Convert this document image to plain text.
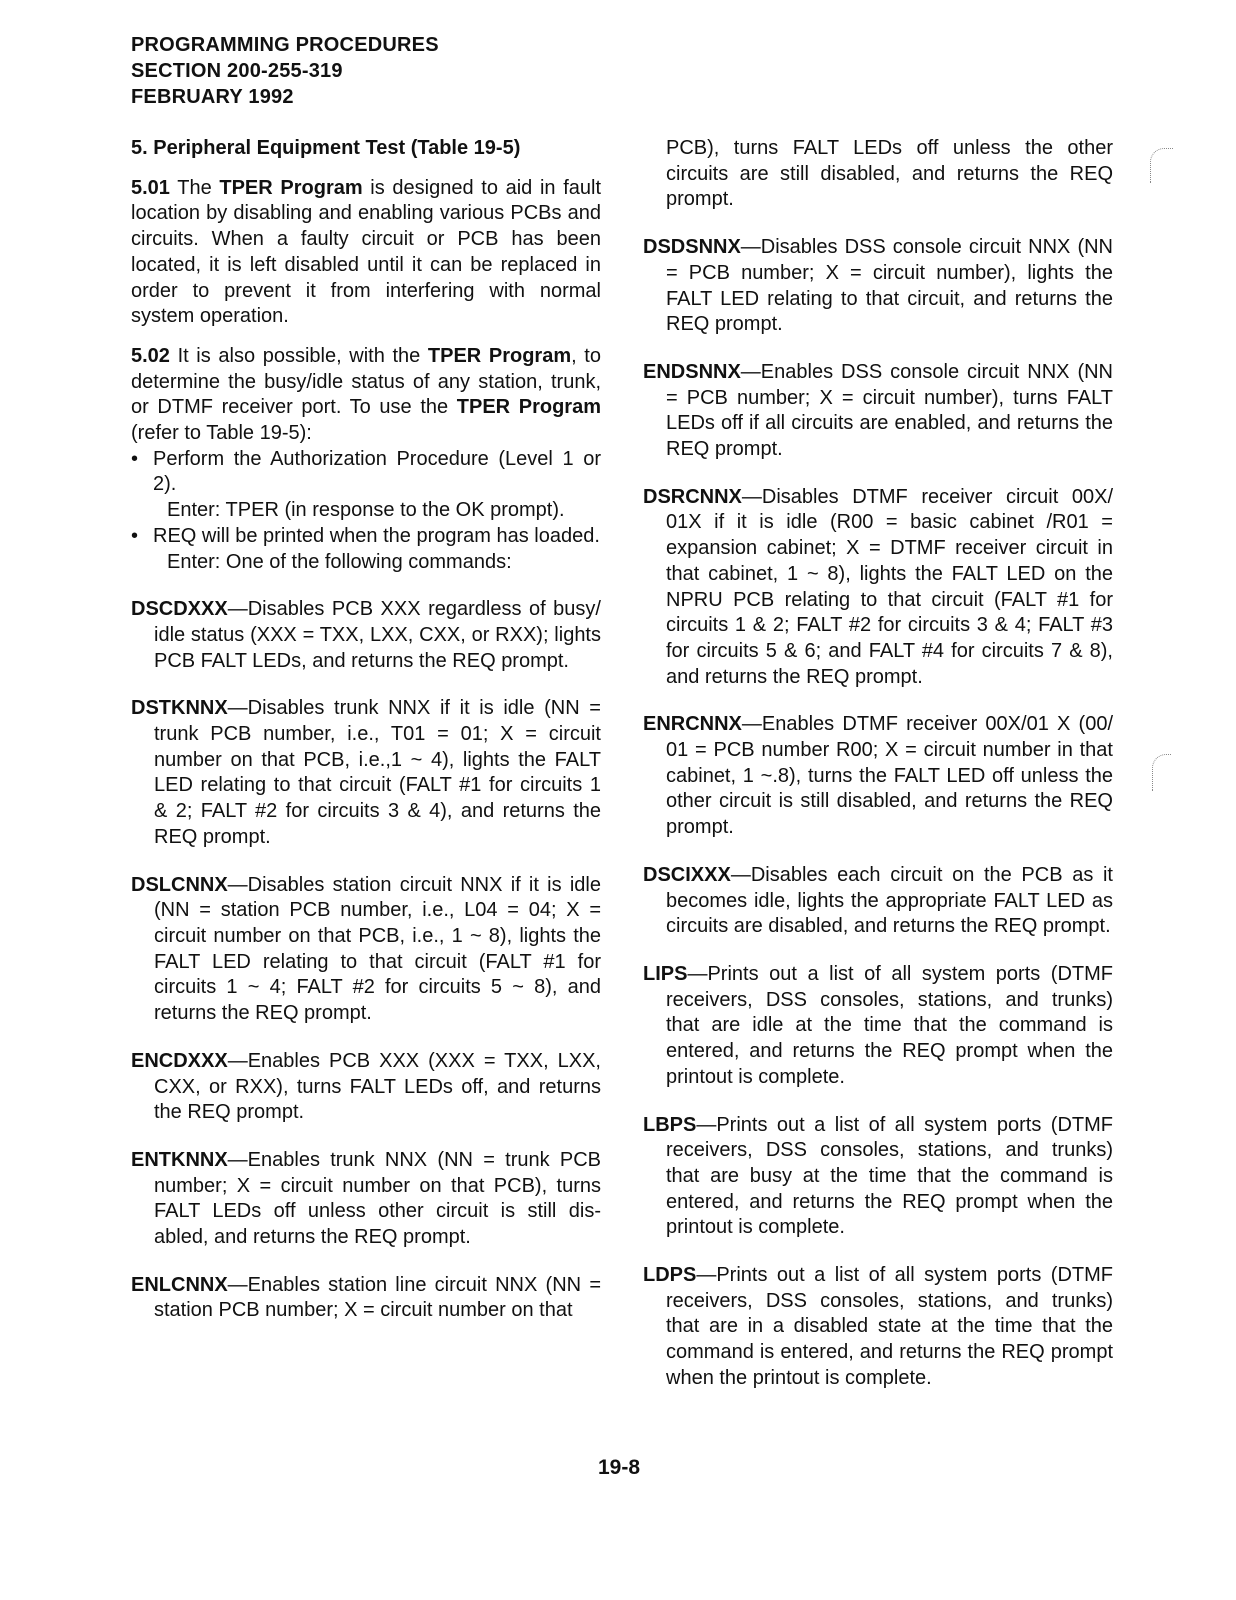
PROGRAMMING PROCEDURES
SECTION 200-255-319
FEBRUARY 1992
5. Peripheral Equipment Test (Table 19-5)

5.01 The TPER Program is designed to aid in fault location by disabling and enabling various PCBs and circuits. When a faulty circuit or PCB has been located, it is left disabled until it can be replaced in order to prevent it from interfering with normal system operation.

5.02 It is also possible, with the TPER Program, to determine the busy/idle status of any station, trunk, or DTMF receiver port. To use the TPER Program (refer to Table 19-5):

• Perform the Authorization Procedure (Level 1 or 2).
Enter: TPER (in response to the OK prompt).
• REQ will be printed when the program has loaded.
Enter: One of the following commands:
DSCDXXX—Disables PCB XXX regardless of busy/ idle status (XXX = TXX, LXX, CXX, or RXX); lights PCB FALT LEDs, and returns the REQ prompt.
DSTKNNX—Disables trunk NNX if it is idle (NN = trunk PCB number, i.e., T01 = 01; X = circuit number on that PCB, i.e.,1 ~ 4), lights the FALT LED relating to that circuit (FALT #1 for circuits 1 & 2; FALT #2 for circuits 3 & 4), and returns the REQ prompt.
DSLCNNX—Disables station circuit NNX if it is idle (NN = station PCB number, i.e., L04 = 04; X = circuit number on that PCB, i.e., 1 ~ 8), lights the FALT LED relating to that circuit (FALT #1 for circuits 1 ~ 4; FALT #2 for circuits 5 ~ 8), and returns the REQ prompt.
ENCDXXX—Enables PCB XXX (XXX = TXX, LXX, CXX, or RXX), turns FALT LEDs off, and returns the REQ prompt.
ENTKNNX—Enables trunk NNX (NN = trunk PCB number; X = circuit number on that PCB), turns FALT LEDs off unless other circuit is still dis- abled, and returns the REQ prompt.
ENLCNNX—Enables station line circuit NNX (NN = station PCB number; X = circuit number on that
PCB), turns FALT LEDs off unless the other circuits are still disabled, and returns the REQ prompt.
DSDSNNX—Disables DSS console circuit NNX (NN = PCB number; X = circuit number), lights the FALT LED relating to that circuit, and returns the REQ prompt.
ENDSNNX—Enables DSS console circuit NNX (NN = PCB number; X = circuit number), turns FALT LEDs off if all circuits are enabled, and returns the REQ prompt.
DSRCNNX—Disables DTMF receiver circuit 00X/ 01X if it is idle (R00 = basic cabinet /R01 = expansion cabinet; X = DTMF receiver circuit in that cabinet, 1 ~ 8), lights the FALT LED on the NPRU PCB relating to that circuit (FALT #1 for circuits 1 & 2; FALT #2 for circuits 3 & 4; FALT #3 for circuits 5 & 6; and FALT #4 for circuits 7 & 8), and returns the REQ prompt.
ENRCNNX—Enables DTMF receiver 00X/01 X (00/ 01 = PCB number R00; X = circuit number in that cabinet, 1 ~.8), turns the FALT LED off unless the other circuit is still disabled, and returns the REQ prompt.
DSCIXXX—Disables each circuit on the PCB as it becomes idle, lights the appropriate FALT LED as circuits are disabled, and returns the REQ prompt.
LIPS—Prints out a list of all system ports (DTMF receivers, DSS consoles, stations, and trunks) that are idle at the time that the command is entered, and returns the REQ prompt when the printout is complete.
LBPS—Prints out a list of all system ports (DTMF receivers, DSS consoles, stations, and trunks) that are busy at the time that the command is entered, and returns the REQ prompt when the printout is complete.
LDPS—Prints out a list of all system ports (DTMF receivers, DSS consoles, stations, and trunks) that are in a disabled state at the time that the command is entered, and returns the REQ prompt when the printout is complete.
19-8
